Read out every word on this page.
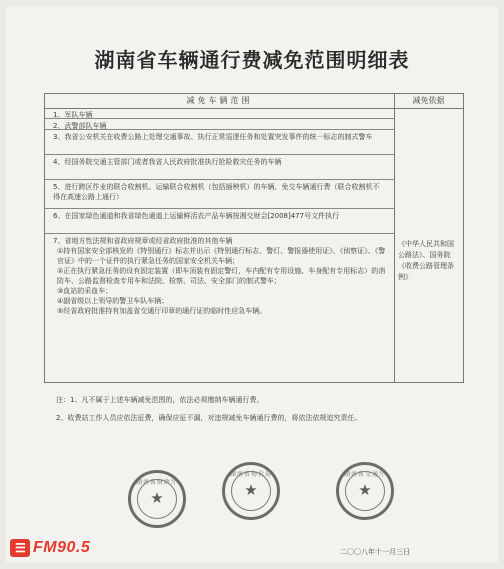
湖南省车辆通行费减免范围明细表
减免车辆范围	减免依据
1、军队车辆
2、武警部队车辆
3、我省公安机关在收费公路上处理交通事故、执行正常巡逻任务和处置突发事件的统一标志的制式警车
4、经国务院交通主管部门或者我省人民政府批准执行抢险救灾任务的车辆
5、进行跨区作业的联合收割机、运输联合收割机（包括插秧机）的车辆，免交车辆通行费（联合收割机不得在高速公路上通行）
6、在国家绿色通道和我省绿色通道上运输鲜活农产品车辆按湘交财会[2008]477号文件执行
7、省地方性法规和省政府规章或经省政府批准的其他车辆
①持有国家安全部核发的《特别通行》标志并出示《特别通行标志、警灯、警报器使用证》、《侦察证》、《警官证》中的一个证件的执行紧急任务的国家安全机关车辆；
②正在执行紧急任务的设有固定装置（即车顶装有固定警灯，车内配有专用设施、车身配有专用标志）的消防车、公路监督检查专用车和法院、检察、司法、安全部门的制式警车；
③血站的采血车；
④副省级以上领导的警卫车队车辆；
⑤经省政府批准持有加盖省交通厅印章的通行证的临时性应急车辆。
《中华人民共和国公路法》、国务院《收费公路管理条例》

注：1、凡不属于上述车辆减免范围的，依法必须缴纳车辆通行费。

2、收费站工作人员应依法征费，确保应征不漏，对违规减免车辆通行费的，将依法依规追究责任。

湖南省财政厅
★
湖南省物价局
★
湖南省交通厅
★
二〇〇八年十一月三日
☰ FM90.5
